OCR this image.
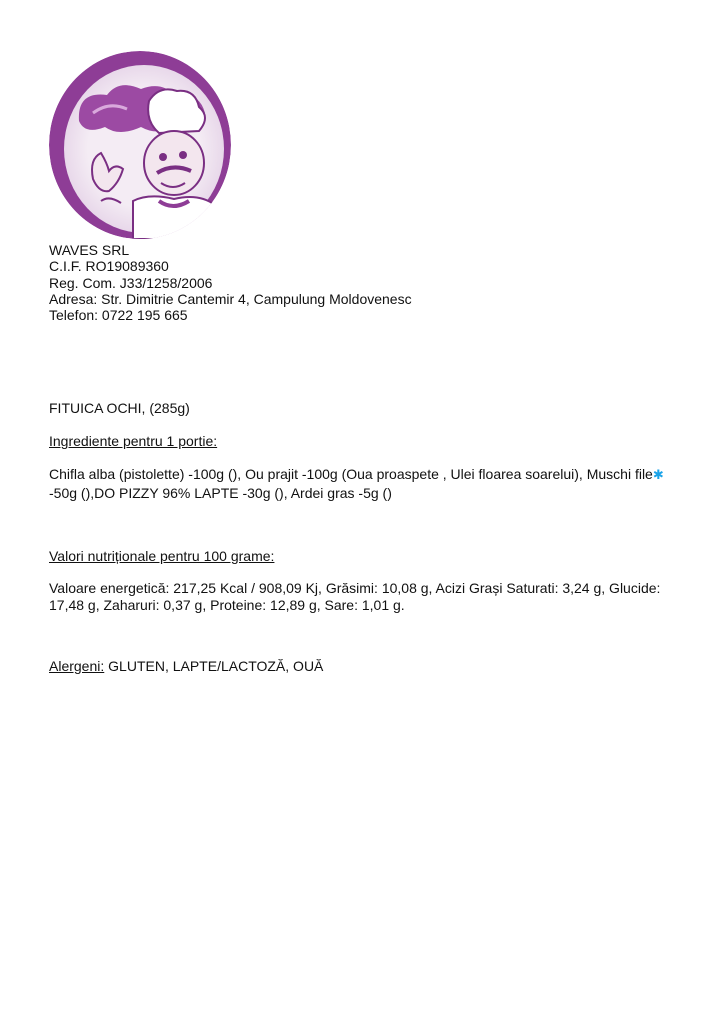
WAVES SRL
C.I.F. RO19089360
Reg. Com. J33/1258/2006
Adresa: Str. Dimitrie Cantemir 4, Campulung Moldovenesc
Telefon: 0722 195 665
FITUICA OCHI, (285g)
Ingrediente pentru 1 portie:
Chifla alba (pistolette) -100g (), Ou prajit -100g (Oua proaspete , Ulei floarea soarelui), Muschi file✱ -50g (),DO PIZZY 96% LAPTE -30g (), Ardei gras -5g ()
Valori nutriționale pentru 100 grame:
Valoare energetică: 217,25 Kcal / 908,09 Kj, Grăsimi: 10,08 g, Acizi Grași Saturati: 3,24 g, Glucide: 17,48 g, Zaharuri: 0,37 g, Proteine: 12,89 g, Sare: 1,01 g.
Alergeni: GLUTEN, LAPTE/LACTOZĂ, OUĂ
